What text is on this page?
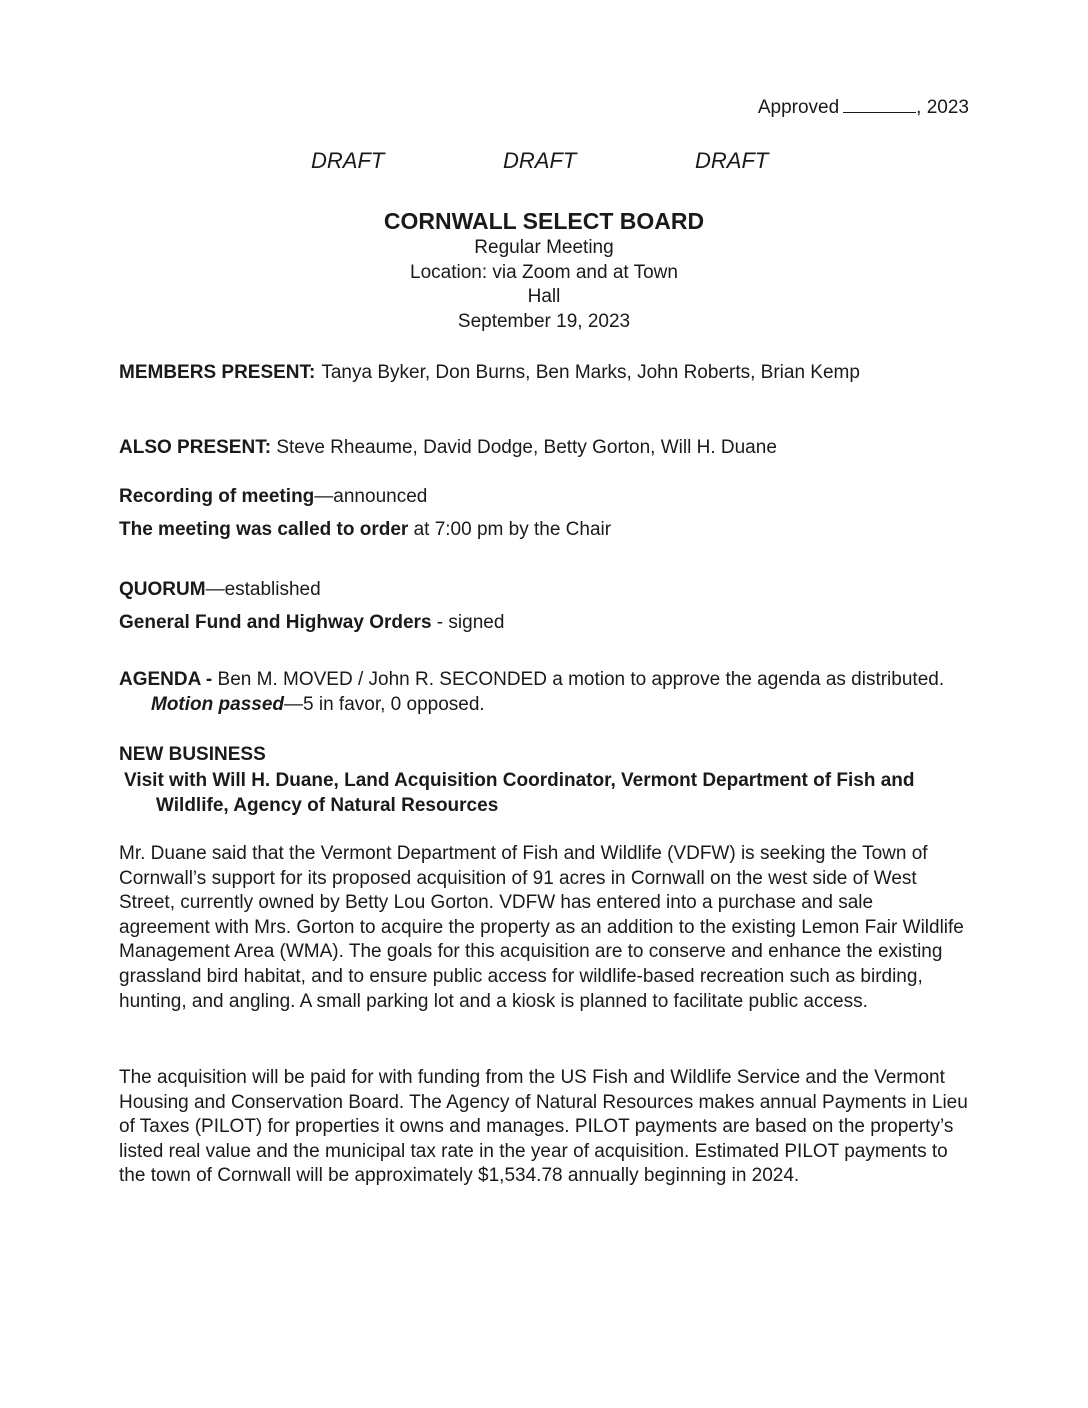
Approved	, 2023
DRAFT	DRAFT	DRAFT
CORNWALL SELECT BOARD
Regular Meeting
Location: via Zoom and at Town
Hall
September 19, 2023
MEMBERS PRESENT: Tanya Byker, Don Burns, Ben Marks, John Roberts, Brian Kemp
ALSO PRESENT: Steve Rheaume, David Dodge, Betty Gorton, Will H. Duane
Recording of meeting—announced
The meeting was called to order at 7:00 pm by the Chair
QUORUM—established
General Fund and Highway Orders - signed
AGENDA - Ben M. MOVED / John R. SECONDED a motion to approve the agenda as distributed. Motion passed—5 in favor, 0 opposed.
NEW BUSINESS
Visit with Will H. Duane, Land Acquisition Coordinator, Vermont Department of Fish and Wildlife, Agency of Natural Resources
Mr. Duane said that the Vermont Department of Fish and Wildlife (VDFW) is seeking the Town of Cornwall’s support for its proposed acquisition of 91 acres in Cornwall on the west side of West Street, currently owned by Betty Lou Gorton. VDFW has entered into a purchase and sale agreement with Mrs. Gorton to acquire the property as an addition to the existing Lemon Fair Wildlife Management Area (WMA). The goals for this acquisition are to conserve and enhance the existing grassland bird habitat, and to ensure public access for wildlife-based recreation such as birding, hunting, and angling. A small parking lot and a kiosk is planned to facilitate public access.
The acquisition will be paid for with funding from the US Fish and Wildlife Service and the Vermont Housing and Conservation Board. The Agency of Natural Resources makes annual Payments in Lieu of Taxes (PILOT) for properties it owns and manages. PILOT payments are based on the property’s listed real value and the municipal tax rate in the year of acquisition. Estimated PILOT payments to the town of Cornwall will be approximately $1,534.78 annually beginning in 2024.
